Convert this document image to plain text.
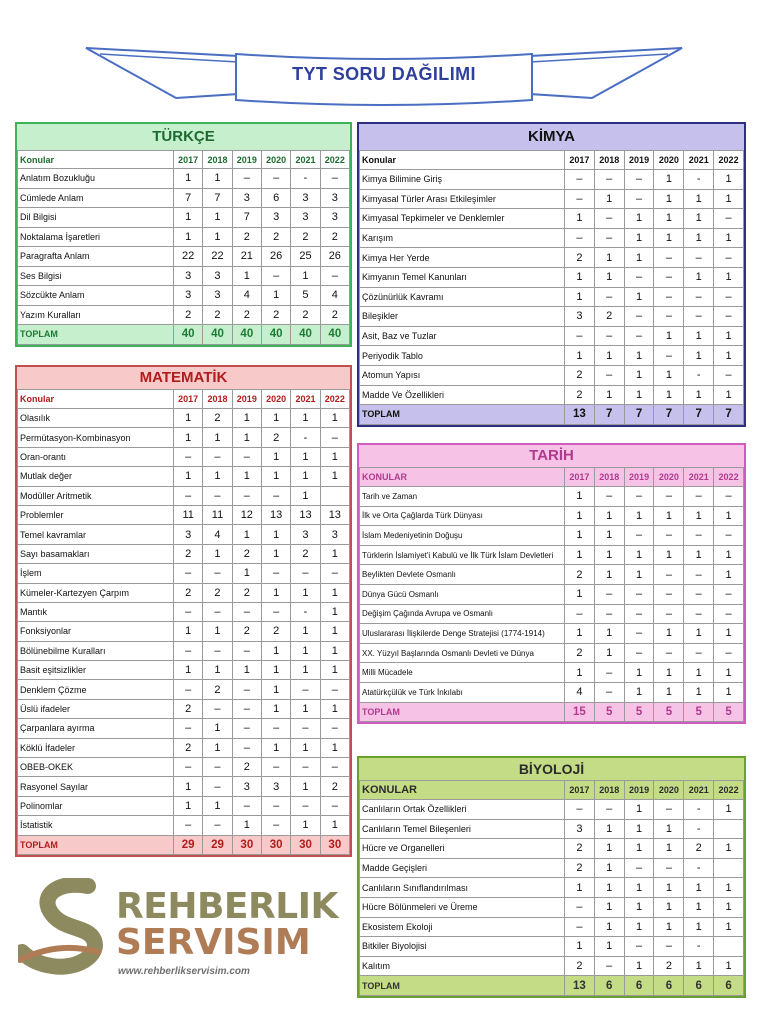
TYT SORU DAĞILIMI
TÜRKÇE
Konular	2017	2018	2019	2020	2021	2022
Anlatım Bozukluğu	1	1	–	–	-	–
Cümlede Anlam	7	7	3	6	3	3
Dil Bilgisi	1	1	7	3	3	3
Noktalama İşaretleri	1	1	2	2	2	2
Paragrafta Anlam	22	22	21	26	25	26
Ses Bilgisi	3	3	1	–	1	–
Sözcükte Anlam	3	3	4	1	5	4
Yazım Kuralları	2	2	2	2	2	2
TOPLAM	40	40	40	40	40	40
MATEMATİK
Konular	2017	2018	2019	2020	2021	2022
Olasılık	1	2	1	1	1	1
Permütasyon-Kombinasyon	1	1	1	2	-	–
Oran-orantı	–	–	–	1	1	1
Mutlak değer	1	1	1	1	1	1
Modüller Aritmetik	–	–	–	–	1	
Problemler	11	11	12	13	13	13
Temel kavramlar	3	4	1	1	3	3
Sayı basamakları	2	1	2	1	2	1
İşlem	–	–	1	–	–	–
Kümeler-Kartezyen Çarpım	2	2	2	1	1	1
Mantık	–	–	–	–	-	1
Fonksiyonlar	1	1	2	2	1	1
Bölünebilme Kuralları	–	–	–	1	1	1
Basit eşitsizlikler	1	1	1	1	1	1
Denklem Çözme	–	2	–	1	–	–
Üslü ifadeler	2	–	–	1	1	1
Çarpanlara ayırma	–	1	–	–	–	–
Köklü İfadeler	2	1	–	1	1	1
OBEB-OKEK	–	–	2	–	–	–
Rasyonel Sayılar	1	–	3	3	1	2
Polinomlar	1	1	–	–	–	–
İstatistik	–	–	1	–	1	1
TOPLAM	29	29	30	30	30	30
KİMYA
Konular	2017	2018	2019	2020	2021	2022
Kimya Bilimine Giriş	–	–	–	1	-	1
Kimyasal Türler Arası Etkileşimler	–	1	–	1	1	1
Kimyasal Tepkimeler ve Denklemler	1	–	1	1	1	–
Karışım	–	–	1	1	1	1
Kimya Her Yerde	2	1	1	–	–	–
Kimyanın Temel Kanunları	1	1	–	–	1	1
Çözünürlük Kavramı	1	–	1	–	–	–
Bileşikler	3	2	–	–	–	–
Asit, Baz ve Tuzlar	–	–	–	1	1	1
Periyodik Tablo	1	1	1	–	1	1
Atomun Yapısı	2	–	1	1	-	–
Madde Ve Özellikleri	2	1	1	1	1	1
TOPLAM	13	7	7	7	7	7
TARİH
KONULAR	2017	2018	2019	2020	2021	2022
Tarih ve Zaman	1	–	–	–	–	–
İlk ve Orta Çağlarda Türk Dünyası	1	1	1	1	1	1
İslam Medeniyetinin Doğuşu	1	1	–	–	–	–
Türklerin İslamiyet'i Kabulü ve İlk Türk İslam Devletleri	1	1	1	1	1	1
Beylikten Devlete Osmanlı	2	1	1	–	–	1
Dünya Gücü Osmanlı	1	–	–	–	–	–
Değişim Çağında Avrupa ve Osmanlı	–	–	–	–	–	–
Uluslararası İlişkilerde Denge Stratejisi (1774-1914)	1	1	–	1	1	1
XX. Yüzyıl Başlarında Osmanlı Devleti ve Dünya	2	1	–	–	–	–
Milli Mücadele	1	–	1	1	1	1
Atatürkçülük ve Türk İnkılabı	4	–	1	1	1	1
TOPLAM	15	5	5	5	5	5
BİYOLOJİ
KONULAR	2017	2018	2019	2020	2021	2022
Canlıların Ortak Özellikleri	–	–	1	–	-	1
Canlıların Temel Bileşenleri	3	1	1	1	-	
Hücre ve Organelleri	2	1	1	1	2	1
Madde Geçişleri	2	1	–	–	-	
Canlıların Sınıflandırılması	1	1	1	1	1	1
Hücre Bölünmeleri ve Üreme	–	1	1	1	1	1
Ekosistem Ekoloji	–	1	1	1	1	1
Bitkiler Biyolojisi	1	1	–	–	-	
Kalıtım	2	–	1	2	1	1
TOPLAM	13	6	6	6	6	6
REHBERLIK
SERVISIM
www.rehberlikservisim.com
